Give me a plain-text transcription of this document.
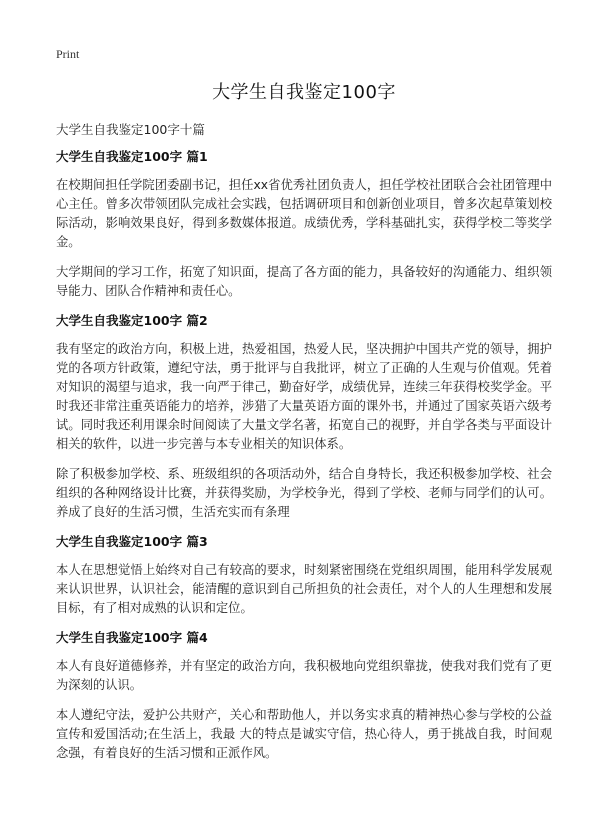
Print
大学生自我鉴定100字
大学生自我鉴定100字十篇
大学生自我鉴定100字 篇1

在校期间担任学院团委副书记，担任xx省优秀社团负责人，担任学校社团联合会社团管理中心主任。曾多次带领团队完成社会实践，包括调研项目和创新创业项目，曾多次起草策划校际活动，影响效果良好，得到多数媒体报道。成绩优秀，学科基础扎实，获得学校二等奖学金。

大学期间的学习工作，拓宽了知识面，提高了各方面的能力，具备较好的沟通能力、组织领导能力、团队合作精神和责任心。

大学生自我鉴定100字 篇2

我有坚定的政治方向，积极上进，热爱祖国，热爱人民，坚决拥护中国共产党的领导，拥护党的各项方针政策，遵纪守法，勇于批评与自我批评，树立了正确的人生观与价值观。凭着对知识的渴望与追求，我一向严于律己，勤奋好学，成绩优异，连续三年获得校奖学金。平时我还非常注重英语能力的培养，涉猎了大量英语方面的课外书，并通过了国家英语六级考试。同时我还利用课余时间阅读了大量文学名著，拓宽自己的视野，并自学各类与平面设计相关的软件，以进一步完善与本专业相关的知识体系。

除了积极参加学校、系、班级组织的各项活动外，结合自身特长，我还积极参加学校、社会组织的各种网络设计比赛，并获得奖励，为学校争光，得到了学校、老师与同学们的认可。养成了良好的生活习惯，生活充实而有条理

大学生自我鉴定100字 篇3

本人在思想觉悟上始终对自己有较高的要求，时刻紧密围绕在党组织周围，能用科学发展观来认识世界，认识社会，能清醒的意识到自己所担负的社会责任，对个人的人生理想和发展目标，有了相对成熟的认识和定位。

大学生自我鉴定100字 篇4

本人有良好道德修养，并有坚定的政治方向，我积极地向党组织靠拢，使我对我们党有了更为深刻的认识。

本人遵纪守法，爱护公共财产，关心和帮助他人，并以务实求真的精神热心参与学校的公益宣传和爱国活动;在生活上，我最 大的特点是诚实守信，热心待人，勇于挑战自我，时间观念强，有着良好的生活习惯和正派作风。
